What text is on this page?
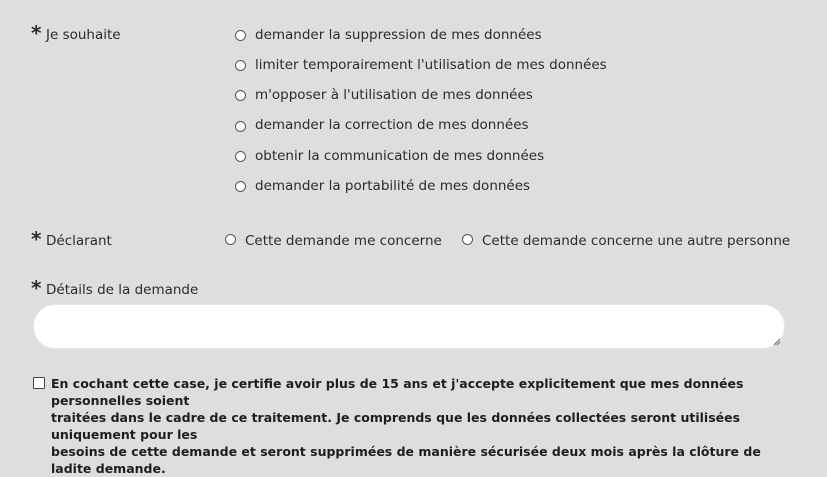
* Je souhaite	demander la suppression de mes données
limiter temporairement l'utilisation de mes données
m'opposer à l'utilisation de mes données
demander la correction de mes données
obtenir la communication de mes données
demander la portabilité de mes données
* Déclarant	Cette demande me concerne	Cette demande concerne une autre personne
* Détails de la demande
En cochant cette case, je certifie avoir plus de 15 ans et j'accepte explicitement que mes données personnelles soient
traitées dans le cadre de ce traitement. Je comprends que les données collectées seront utilisées uniquement pour les
besoins de cette demande et seront supprimées de manière sécurisée deux mois après la clôture de ladite demande.
